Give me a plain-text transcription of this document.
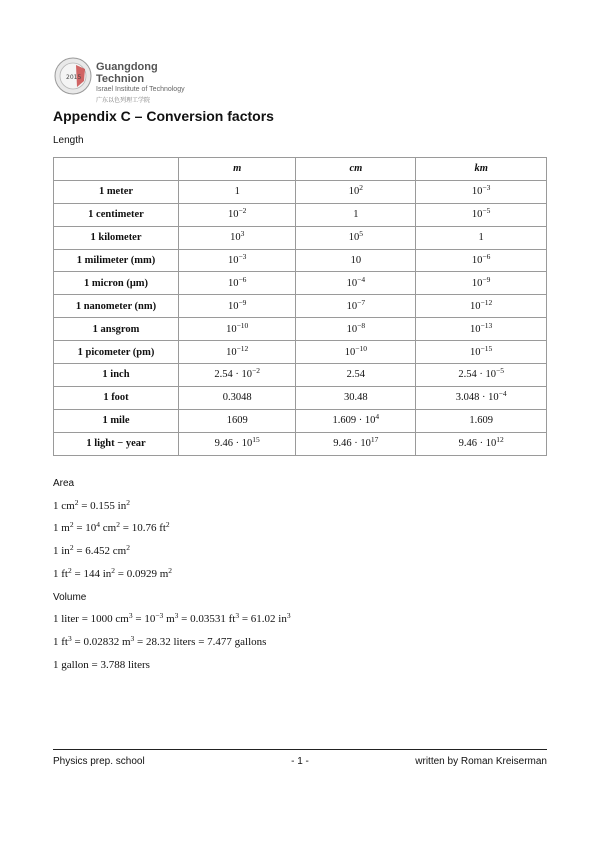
2015
Guangdong Technion
Israel Institute of Technology
广东以色列理工学院
Appendix C – Conversion factors
Length
	m	cm	km
1 meter	1	$10^2$	$10^{-3}$
1 centimeter	$10^{-2}$	1	$10^{-5}$
1 kilometer	$10^3$	$10^5$	1
1 milimeter (mm)	$10^{-3}$	10	$10^{-6}$
1 micron (μm)	$10^{-6}$	$10^{-4}$	$10^{-9}$
1 nanometer (nm)	$10^{-9}$	$10^{-7}$	$10^{-12}$
1 ansgrom	$10^{-10}$	$10^{-8}$	$10^{-13}$
1 picometer (pm)	$10^{-12}$	$10^{-10}$	$10^{-15}$
1 inch	$2.54 \cdot 10^{-2}$	2.54	$2.54 \cdot 10^{-5}$
1 foot	0.3048	30.48	$3.048 \cdot 10^{-4}$
1 mile	1609	$1.609 \cdot 10^4$	1.609
1 light − year	$9.46 \cdot 10^{15}$	$9.46 \cdot 10^{17}$	$9.46 \cdot 10^{12}$
Area
1 $cm^2 = 0.155$ $in^2$
1 $m^2 = 10^4$ $cm^2 = 10.76$ $ft^2$
1 $in^2 = 6.452$ $cm^2$
1 $ft^2 = 144$ $in^2 = 0.0929$ $m^2$
Volume
1 liter = 1000 $cm^3 = 10^{-3}$ $m^3 = 0.03531$ $ft^3 = 61.02$ $in^3$
1 $ft^3 = 0.02832$ $m^3 = 28.32$ liters = 7.477 gallons
1 gallon = 3.788 liters
Physics prep. school	- 1 -	written by Roman Kreiserman
